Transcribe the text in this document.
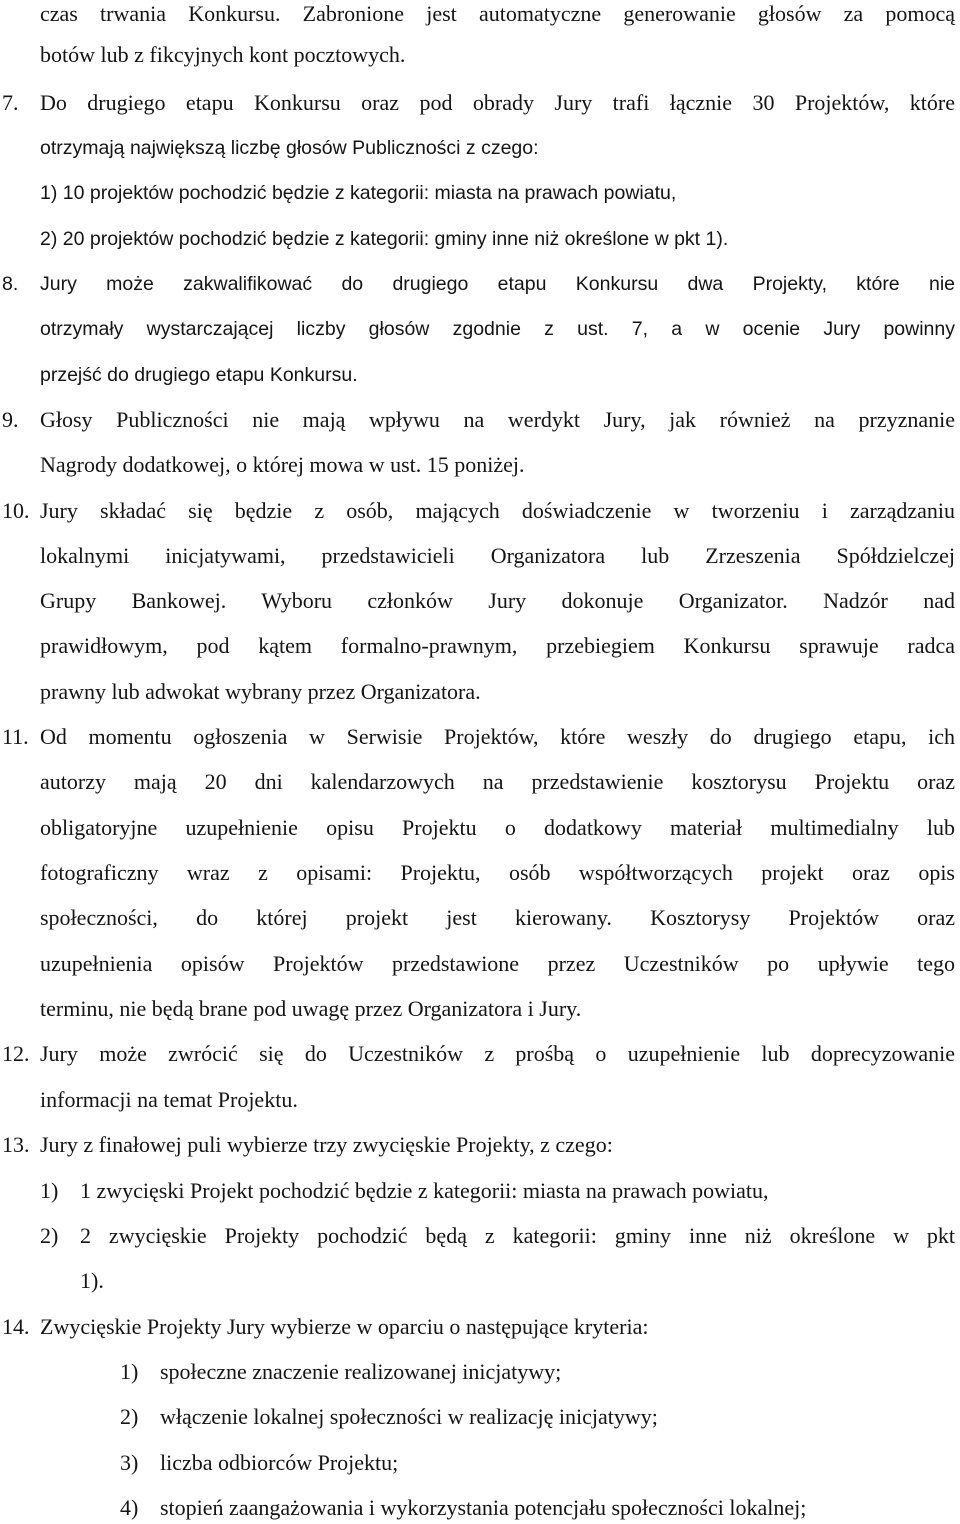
czas trwania Konkursu. Zabronione jest automatyczne generowanie głosów za pomocą
botów lub z fikcyjnych kont pocztowych.
7. Do drugiego etapu Konkursu oraz pod obrady Jury trafi łącznie 30 Projektów, które
otrzymają największą liczbę głosów Publiczności z czego:
1) 10 projektów pochodzić będzie z kategorii: miasta na prawach powiatu,
2) 20 projektów pochodzić będzie z kategorii: gminy inne niż określone w pkt 1).
8. Jury może zakwalifikować do drugiego etapu Konkursu dwa Projekty, które nie
otrzymały wystarczającej liczby głosów zgodnie z ust. 7, a w ocenie Jury powinny
przejść do drugiego etapu Konkursu.
9. Głosy Publiczności nie mają wpływu na werdykt Jury, jak również na przyznanie
Nagrody dodatkowej, o której mowa w ust. 15 poniżej.
10. Jury składać się będzie z osób, mających doświadczenie w tworzeniu i zarządzaniu
lokalnymi inicjatywami, przedstawicieli Organizatora lub Zrzeszenia Spółdzielczej
Grupy Bankowej. Wyboru członków Jury dokonuje Organizator. Nadzór nad
prawidłowym, pod kątem formalno-prawnym, przebiegiem Konkursu sprawuje radca
prawny lub adwokat wybrany przez Organizatora.
11. Od momentu ogłoszenia w Serwisie Projektów, które weszły do drugiego etapu, ich
autorzy mają 20 dni kalendarzowych na przedstawienie kosztorysu Projektu oraz
obligatoryjne uzupełnienie opisu Projektu o dodatkowy materiał multimedialny lub
fotograficzny wraz z opisami: Projektu, osób współtworzących projekt oraz opis
społeczności, do której projekt jest kierowany. Kosztorysy Projektów oraz
uzupełnienia opisów Projektów przedstawione przez Uczestników po upływie tego
terminu, nie będą brane pod uwagę przez Organizatora i Jury.
12. Jury może zwrócić się do Uczestników z prośbą o uzupełnienie lub doprecyzowanie
informacji na temat Projektu.
13. Jury z finałowej puli wybierze trzy zwycięskie Projekty, z czego:
1) 1 zwycięski Projekt pochodzić będzie z kategorii: miasta na prawach powiatu,
2) 2 zwycięskie Projekty pochodzić będą z kategorii: gminy inne niż określone w pkt
1).
14. Zwycięskie Projekty Jury wybierze w oparciu o następujące kryteria:
1) społeczne znaczenie realizowanej inicjatywy;
2) włączenie lokalnej społeczności w realizację inicjatywy;
3) liczba odbiorców Projektu;
4) stopień zaangażowania i wykorzystania potencjału społeczności lokalnej;
